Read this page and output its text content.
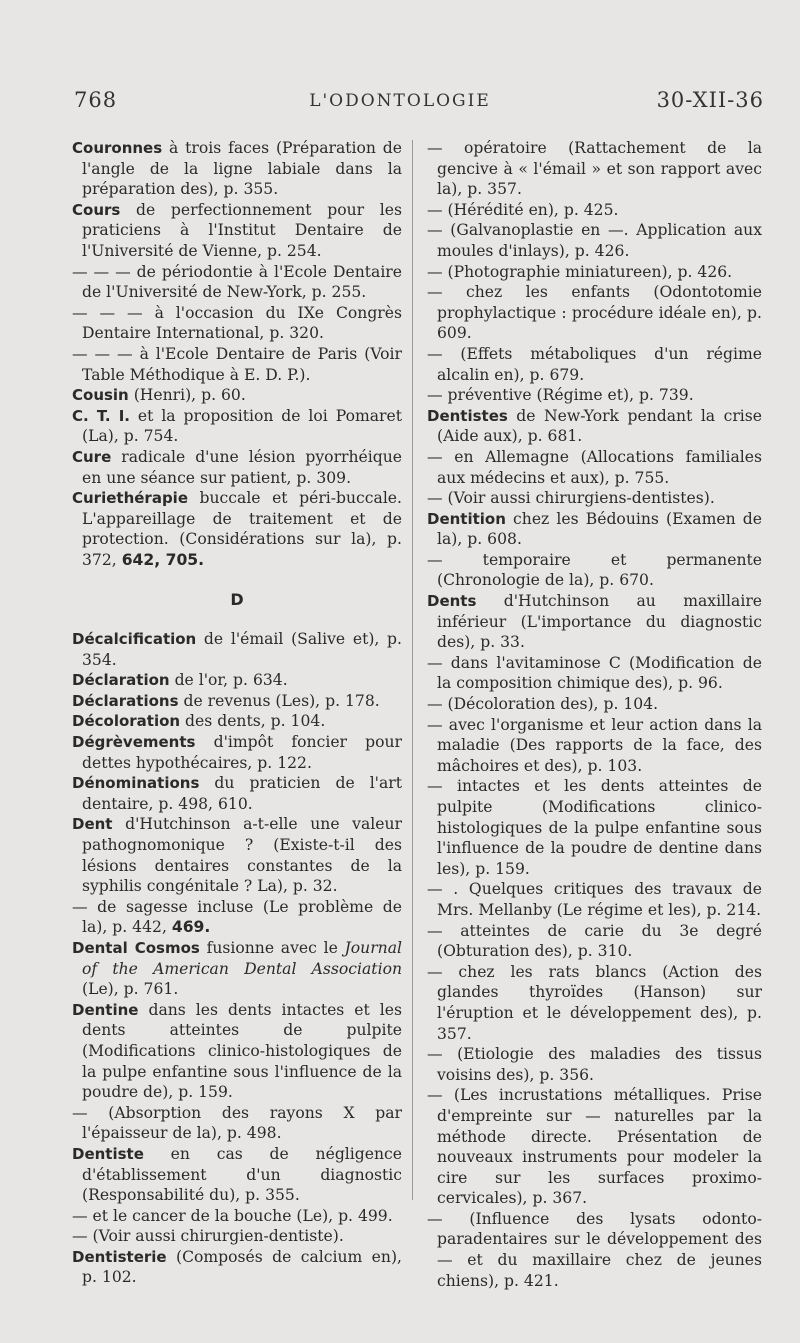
768	L'ODONTOLOGIE	30-XII-36

Couronnes à trois faces (Préparation de l'angle de la ligne labiale dans la préparation des), p. 355.

Cours de perfectionnement pour les praticiens à l'Institut Dentaire de l'Université de Vienne, p. 254.

— — — de périodontie à l'Ecole Dentaire de l'Université de New-York, p. 255.

— — — à l'occasion du IXe Congrès Dentaire International, p. 320.

— — — à l'Ecole Dentaire de Paris (Voir Table Méthodique à E. D. P.).

Cousin (Henri), p. 60.

C. T. I. et la proposition de loi Pomaret (La), p. 754.

Cure radicale d'une lésion pyorrhéique en une séance sur patient, p. 309.

Curiethérapie buccale et péri-buccale. L'appareillage de traitement et de protection. (Considérations sur la), p. 372, 642, 705.

D

Décalcification de l'émail (Salive et), p. 354.

Déclaration de l'or, p. 634.

Déclarations de revenus (Les), p. 178.

Décoloration des dents, p. 104.

Dégrèvements d'impôt foncier pour dettes hypothécaires, p. 122.

Dénominations du praticien de l'art dentaire, p. 498, 610.

Dent d'Hutchinson a-t-elle une valeur pathognomonique ? (Existe-t-il des lésions dentaires constantes de la syphilis congénitale ? La), p. 32.

— de sagesse incluse (Le problème de la), p. 442, 469.

Dental Cosmos fusionne avec le Journal of the American Dental Association (Le), p. 761.

Dentine dans les dents intactes et les dents atteintes de pulpite (Modifications clinico-histologiques de la pulpe enfantine sous l'influence de la poudre de), p. 159.

— (Absorption des rayons X par l'épaisseur de la), p. 498.

Dentiste en cas de négligence d'établissement d'un diagnostic (Responsabilité du), p. 355.

— et le cancer de la bouche (Le), p. 499.

— (Voir aussi chirurgien-dentiste).

Dentisterie (Composés de calcium en), p. 102.

— opératoire (Rattachement de la gencive à « l'émail » et son rapport avec la), p. 357.

— (Hérédité en), p. 425.

— (Galvanoplastie en —. Application aux moules d'inlays), p. 426.

— (Photographie miniatureen), p. 426.

— chez les enfants (Odontotomie prophylactique : procédure idéale en), p. 609.

— (Effets métaboliques d'un régime alcalin en), p. 679.

— préventive (Régime et), p. 739.

Dentistes de New-York pendant la crise (Aide aux), p. 681.

— en Allemagne (Allocations familiales aux médecins et aux), p. 755.

— (Voir aussi chirurgiens-dentistes).

Dentition chez les Bédouins (Examen de la), p. 608.

— temporaire et permanente (Chronologie de la), p. 670.

Dents d'Hutchinson au maxillaire inférieur (L'importance du diagnostic des), p. 33.

— dans l'avitaminose C (Modification de la composition chimique des), p. 96.

— (Décoloration des), p. 104.

— avec l'organisme et leur action dans la maladie (Des rapports de la face, des mâchoires et des), p. 103.

— intactes et les dents atteintes de pulpite (Modifications clinico-histologiques de la pulpe enfantine sous l'influence de la poudre de dentine dans les), p. 159.

— . Quelques critiques des travaux de Mrs. Mellanby (Le régime et les), p. 214.

— atteintes de carie du 3e degré (Obturation des), p. 310.

— chez les rats blancs (Action des glandes thyroïdes (Hanson) sur l'éruption et le développement des), p. 357.

— (Etiologie des maladies des tissus voisins des), p. 356.

— (Les incrustations métalliques. Prise d'empreinte sur — naturelles par la méthode directe. Présentation de nouveaux instruments pour modeler la cire sur les surfaces proximo-cervicales), p. 367.

— (Influence des lysats odonto-paradentaires sur le développement des — et du maxillaire chez de jeunes chiens), p. 421.
